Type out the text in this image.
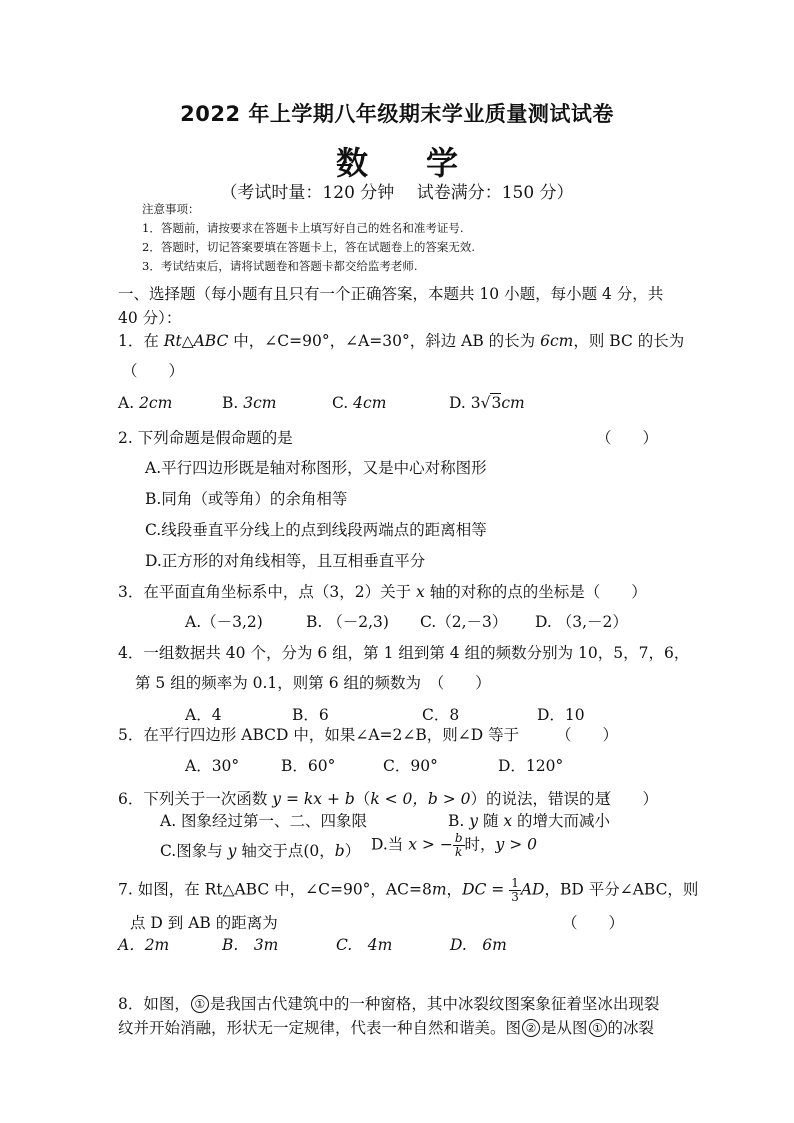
2022 年上学期八年级期末学业质量测试试卷
数学
（考试时量：120 分钟　 试卷满分：150 分）
注意事项：
1．答题前，请按要求在答题卡上填写好自己的姓名和准考证号.
2．答题时，切记答案要填在答题卡上，答在试题卷上的答案无效.
3．考试结束后，请将试题卷和答题卡都交给监考老师.
一、选择题（每小题有且只有一个正确答案，本题共 10 小题，每小题 4 分，共
40 分）：
1．在 Rt△ABC 中，∠C=90°，∠A=30°，斜边 AB 的长为 6cm，则 BC 的长为
（　　）
A. 2cm	B. 3cm	C. 4cm	D. 3√3cm
2. 下列命题是假命题的是	（　　）
A.平行四边形既是轴对称图形，又是中心对称图形
B.同角（或等角）的余角相等
C.线段垂直平分线上的点到线段两端点的距离相等
D.正方形的对角线相等，且互相垂直平分
3．在平面直角坐标系中，点（3，2）关于 x 轴的对称的点的坐标是（　　）
A.（－3,2)	B. （－2,3) C.（2,－3） D. （3,－2）
4．一组数据共 40 个，分为 6 组，第 1 组到第 4 组的频数分别为 10，5，7，6，
第 5 组的频率为 0.1，则第 6 组的频数为　（　　）
A．4	B．6	C．8	D．10
5．在平行四边形 ABCD 中，如果∠A=2∠B，则∠D 等于 （　　）
A．30°	B．60°	C．90°	D．120°
6．下列关于一次函数 y = kx + b（k < 0，b > 0）的说法，错误的是
（　　）
A. 图象经过第一、二、四象限	B. y 随 x 的增大而减小
C.图象与 y 轴交于点(0，b） D.当 x > − $\frac{b}{k}$ 时，y > 0
7. 如图，在 Rt△ABC 中，∠C=90°，AC=8m，DC = $\frac{1}{3}$ AD，BD 平分∠ABC，则
点 D 到 AB 的距离为	（　　）
A．2m	B.　3m	C.　4m	D.　6m
8．如图， ① 是我国古代建筑中的一种窗格，其中冰裂纹图案象征着坚冰出现裂
纹并开始消融，形状无一定规律，代表一种自然和谐美。图 ② 是从图 ① 的冰裂
